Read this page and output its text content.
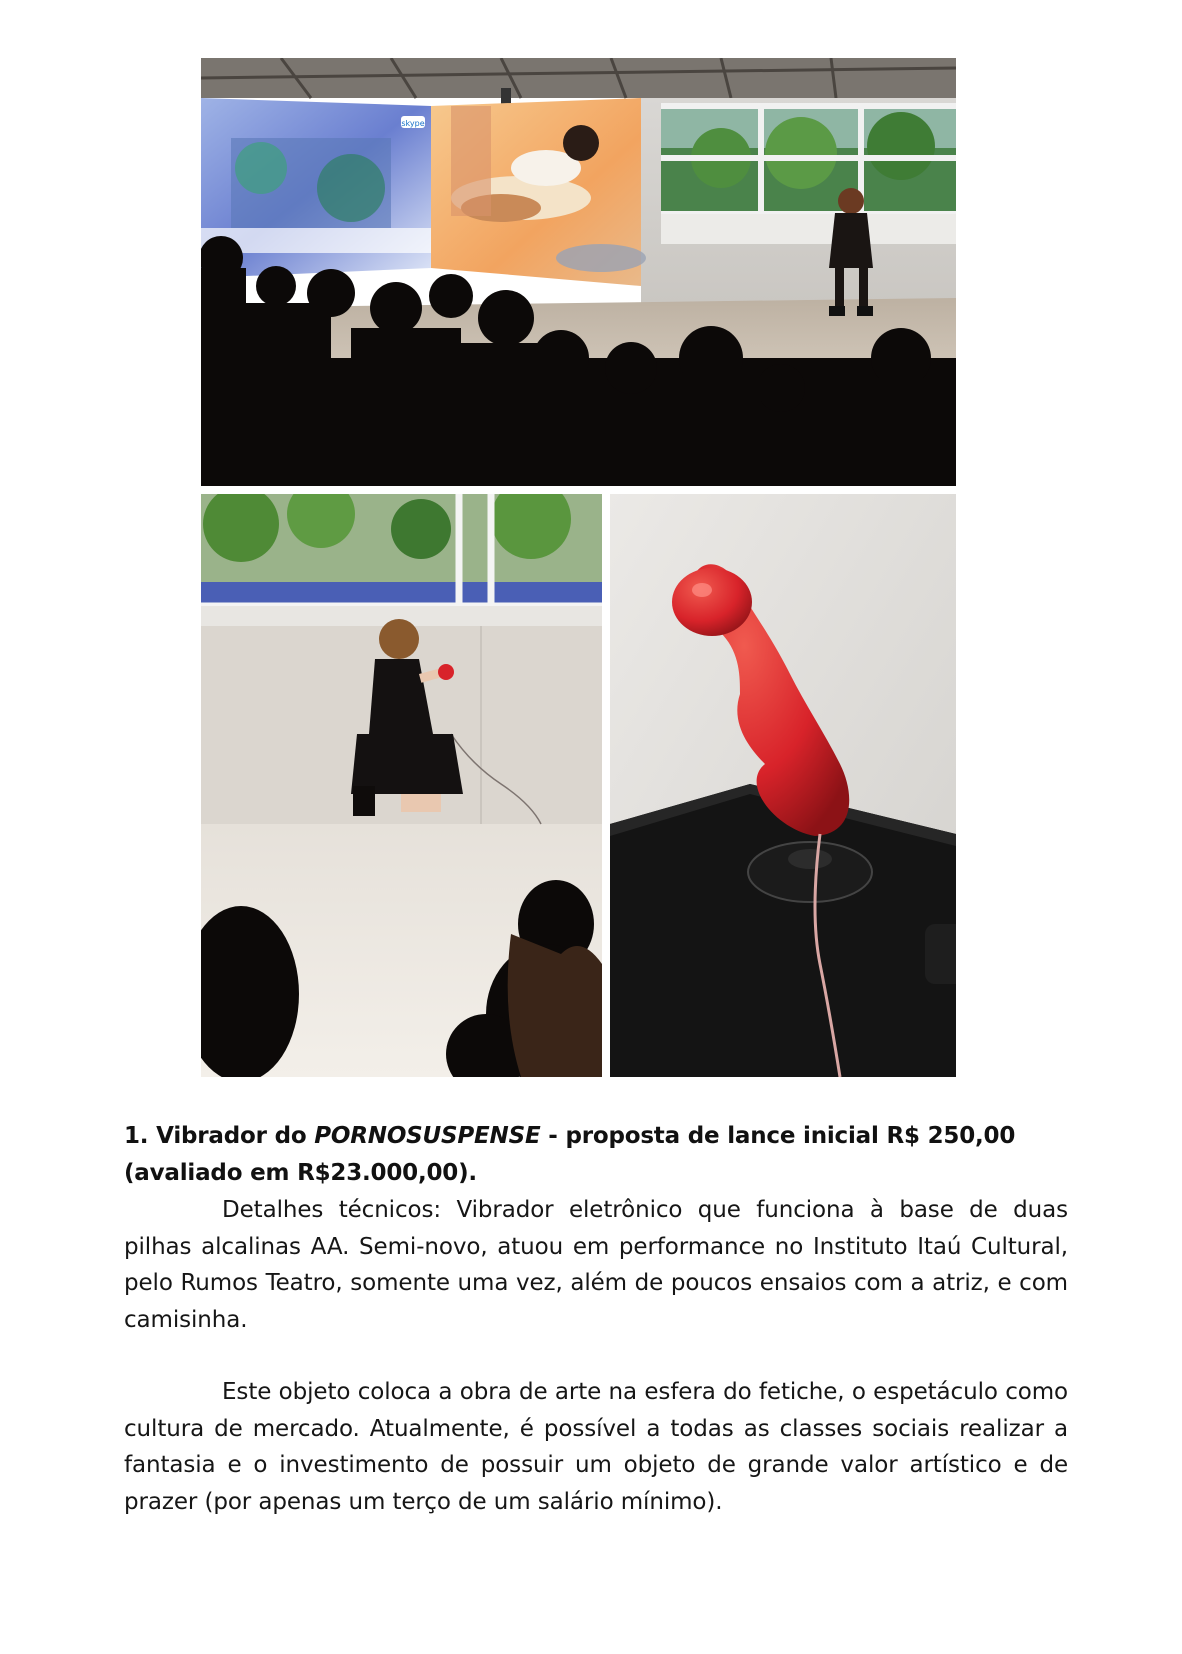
skype

1. Vibrador do PORNOSUSPENSE - proposta de lance inicial R$ 250,00 (avaliado em R$23.000,00).

Detalhes técnicos: Vibrador eletrônico que funciona à base de duas pilhas alcalinas AA. Semi-novo, atuou em performance no Instituto Itaú Cultural, pelo Rumos Teatro, somente uma vez, além de poucos ensaios com a atriz, e com camisinha.

Este objeto coloca a obra de arte na esfera do fetiche, o espetáculo como cultura de mercado. Atualmente, é possível a todas as classes sociais realizar a fantasia e o investimento de possuir um objeto de grande valor artístico e de prazer (por apenas um terço de um salário mínimo).
